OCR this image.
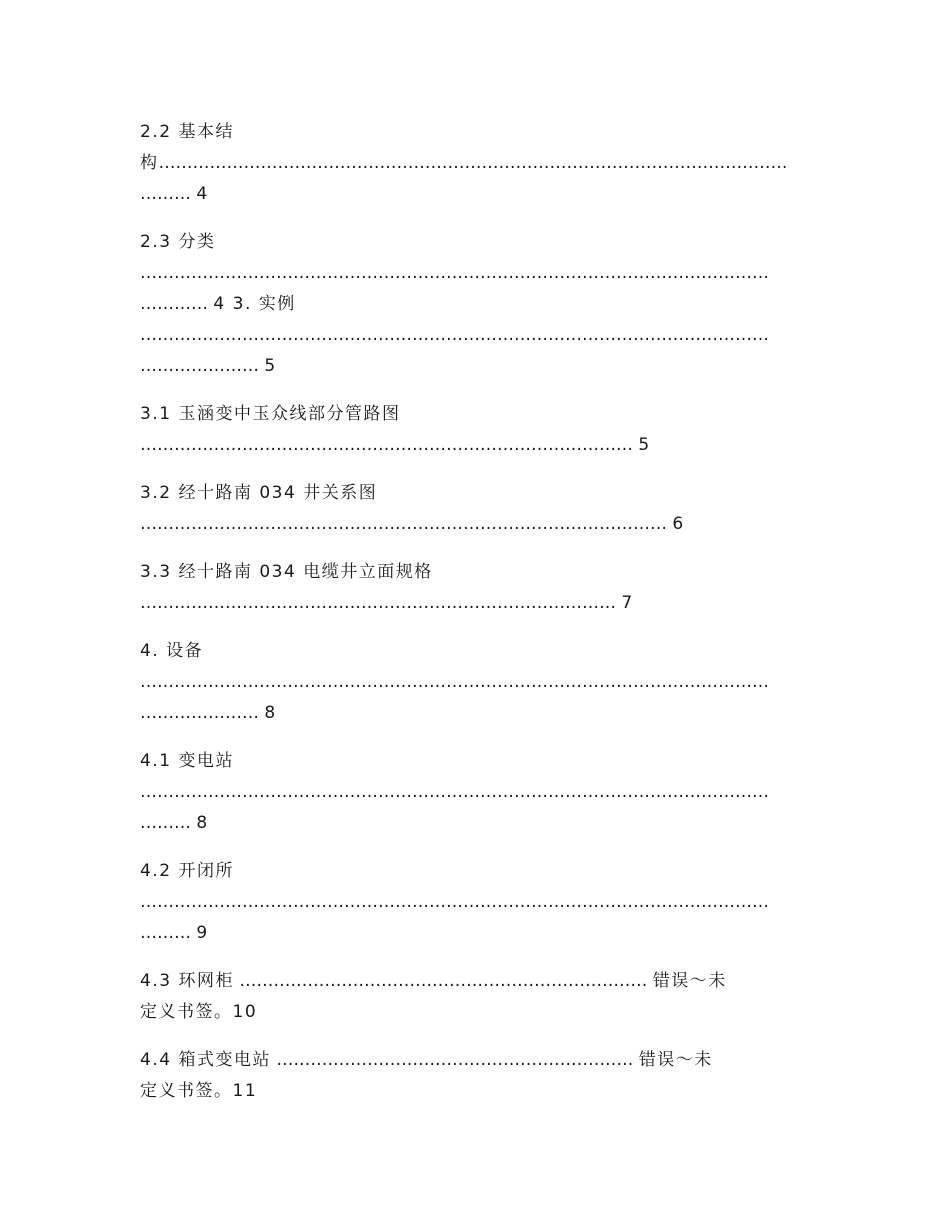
2.2 基本结
构…………………………………………………………………………………………………
……… 4
2.3 分类
…………………………………………………………………………………………………
………… 4 3. 实例
…………………………………………………………………………………………………
………………… 5
3.1 玉涵变中玉众线部分管路图
…………………………………………………………………………… 5
3.2 经十路南 034 井关系图
………………………………………………………………………………… 6
3.3 经十路南 034 电缆井立面规格
………………………………………………………………………… 7
4. 设备
…………………………………………………………………………………………………
………………… 8
4.1 变电站
…………………………………………………………………………………………………
……… 8
4.2 开闭所
…………………………………………………………………………………………………
……… 9
4.3 环网柜 ……………………………………………………………… 错误～未
定义书签。10
4.4 箱式变电站 ……………………………………………………… 错误～未
定义书签。11
